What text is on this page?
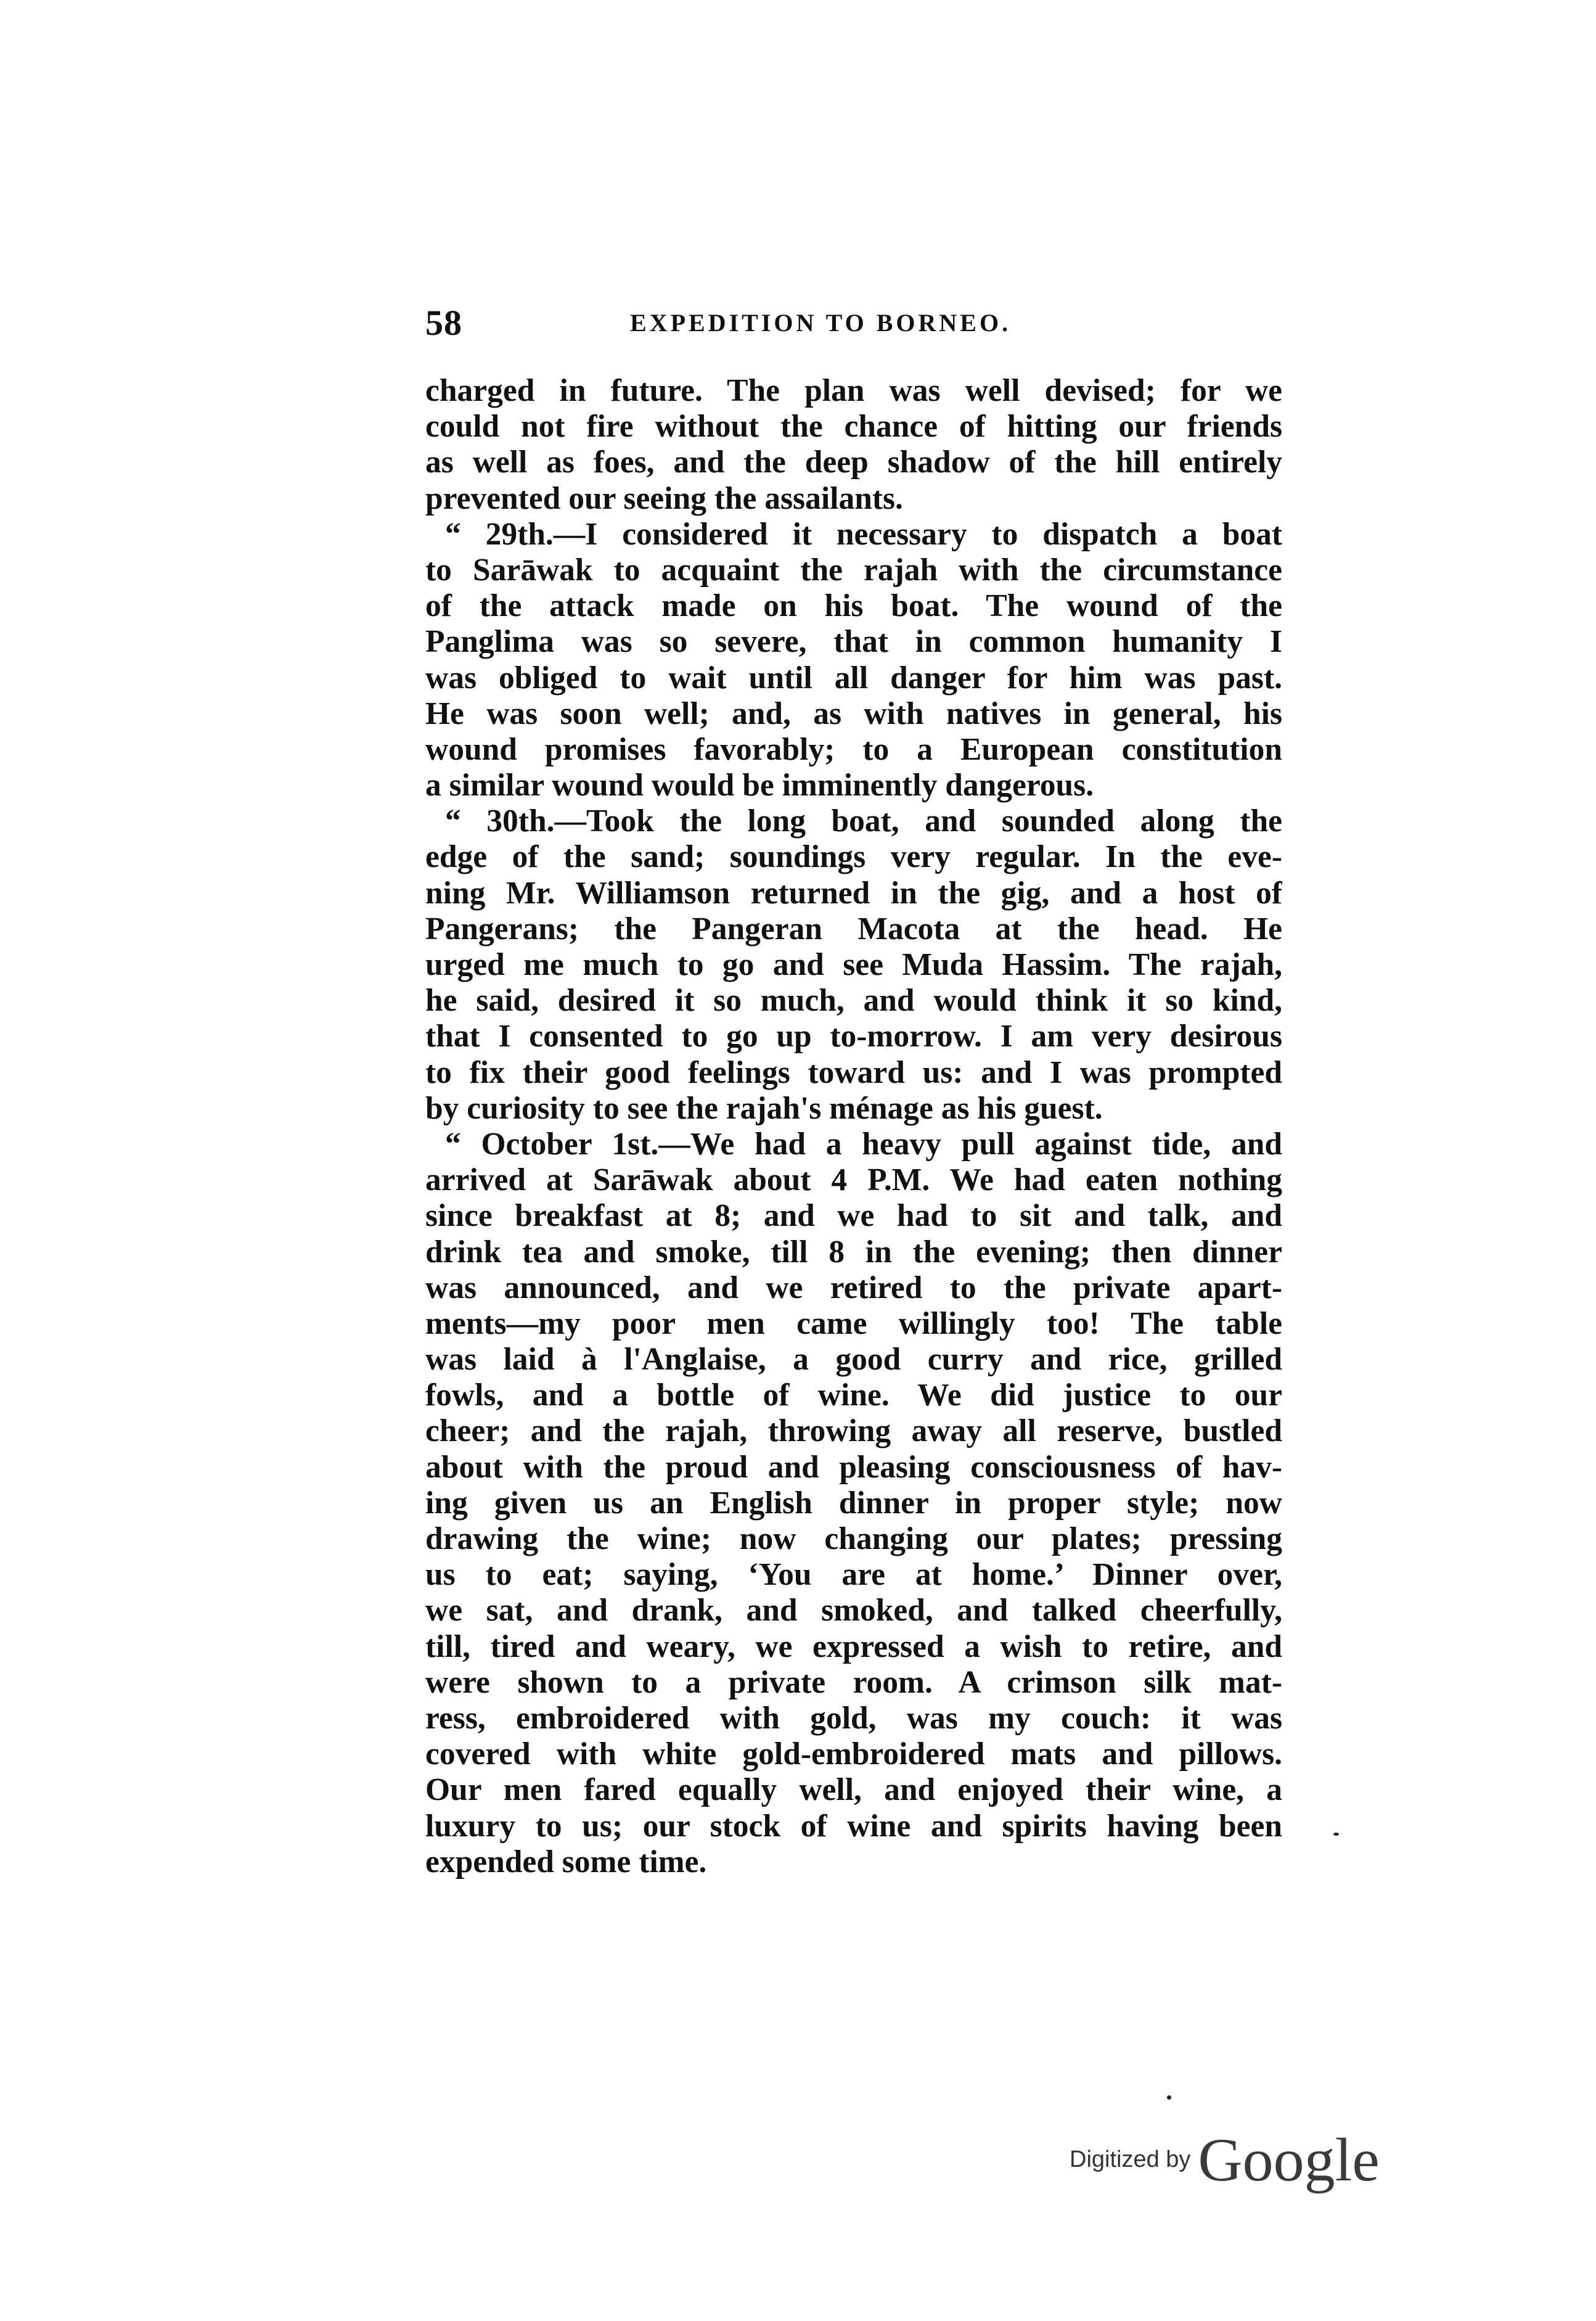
58	EXPEDITION TO BORNEO.
charged in future. The plan was well devised; for we
could not fire without the chance of hitting our friends
as well as foes, and the deep shadow of the hill entirely
prevented our seeing the assailants.
“ 29th.—I considered it necessary to dispatch a boat
to Sarāwak to acquaint the rajah with the circumstance
of the attack made on his boat. The wound of the
Panglima was so severe, that in common humanity I
was obliged to wait until all danger for him was past.
He was soon well; and, as with natives in general, his
wound promises favorably; to a European constitution
a similar wound would be imminently dangerous.
“ 30th.—Took the long boat, and sounded along the
edge of the sand; soundings very regular. In the eve-
ning Mr. Williamson returned in the gig, and a host of
Pangerans; the Pangeran Macota at the head. He
urged me much to go and see Muda Hassim. The rajah,
he said, desired it so much, and would think it so kind,
that I consented to go up to-morrow. I am very desirous
to fix their good feelings toward us: and I was prompted
by curiosity to see the rajah's ménage as his guest.
“ October 1st.—We had a heavy pull against tide, and
arrived at Sarāwak about 4 P.M. We had eaten nothing
since breakfast at 8; and we had to sit and talk, and
drink tea and smoke, till 8 in the evening; then dinner
was announced, and we retired to the private apart-
ments—my poor men came willingly too! The table
was laid à l'Anglaise, a good curry and rice, grilled
fowls, and a bottle of wine. We did justice to our
cheer; and the rajah, throwing away all reserve, bustled
about with the proud and pleasing consciousness of hav-
ing given us an English dinner in proper style; now
drawing the wine; now changing our plates; pressing
us to eat; saying, ‘You are at home.’ Dinner over,
we sat, and drank, and smoked, and talked cheerfully,
till, tired and weary, we expressed a wish to retire, and
were shown to a private room. A crimson silk mat-
ress, embroidered with gold, was my couch: it was
covered with white gold-embroidered mats and pillows.
Our men fared equally well, and enjoyed their wine, a
luxury to us; our stock of wine and spirits having been
expended some time.
Digitized by Google
